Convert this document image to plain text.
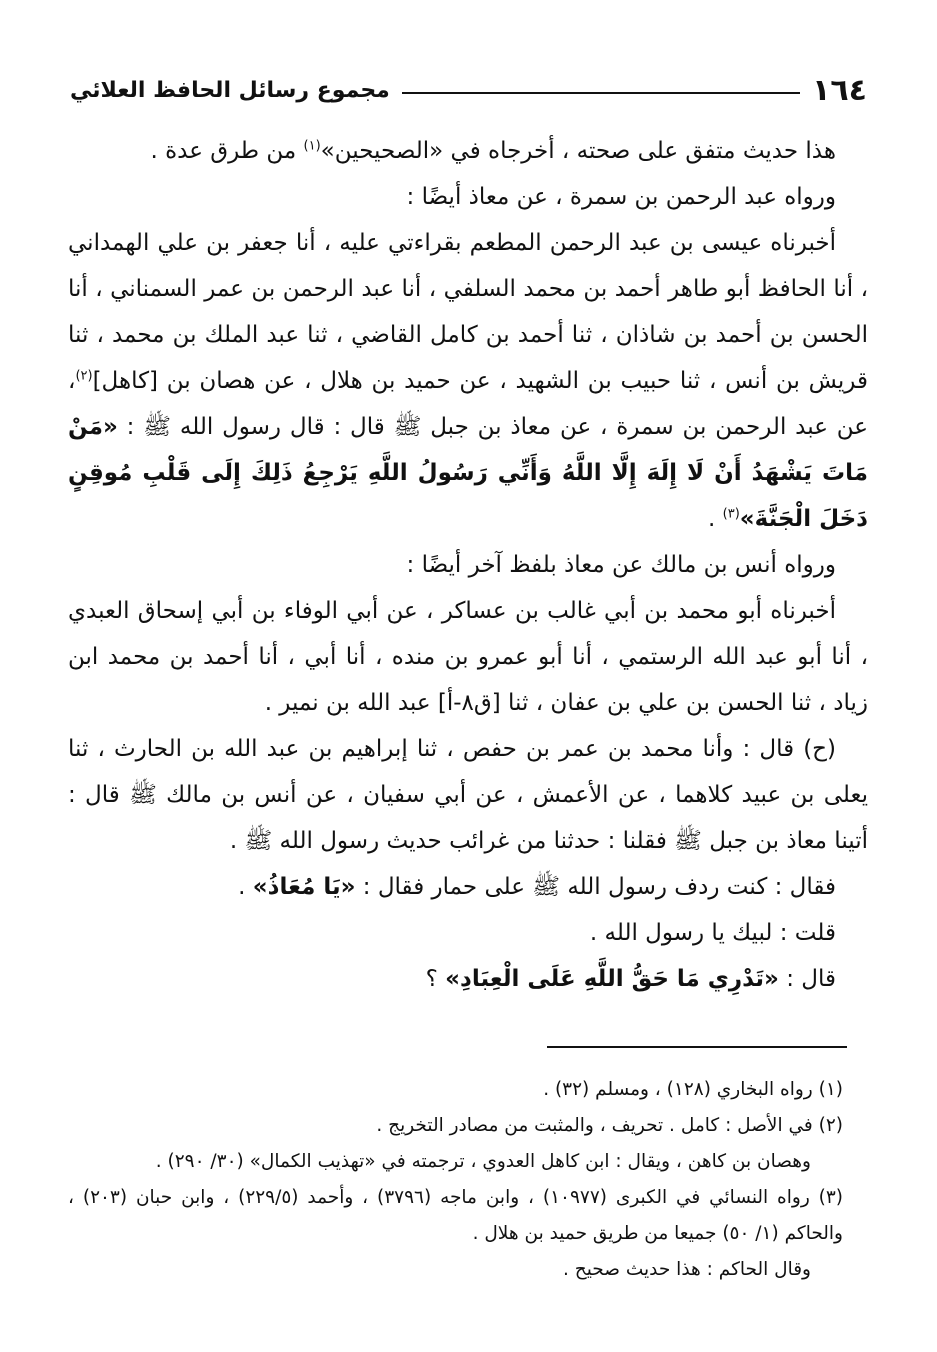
١٦٤
مجموع رسائل الحافظ العلائي

هذا حديث متفق على صحته ، أخرجاه في «الصحيحين»$^{(١)}$ من طرق عدة .

ورواه عبد الرحمن بن سمرة ، عن معاذ أيضًا :

أخبرناه عيسى بن عبد الرحمن المطعم بقراءتي عليه ، أنا جعفر بن علي الهمداني ، أنا الحافظ أبو طاهر أحمد بن محمد السلفي ، أنا عبد الرحمن بن عمر السمناني ، أنا الحسن بن أحمد بن شاذان ، ثنا أحمد بن كامل القاضي ، ثنا عبد الملك بن محمد ، ثنا قريش بن أنس ، ثنا حبيب بن الشهيد ، عن حميد بن هلال ، عن هصان بن [كاهل]$^{(٢)}$، عن عبد الرحمن بن سمرة ، عن معاذ بن جبل ﷺ قال : قال رسول الله ﷺ : «مَنْ مَاتَ يَشْهَدُ أَنْ لَا إِلَهَ إِلَّا اللَّهُ وَأَنِّي رَسُولُ اللَّهِ يَرْجِعُ ذَلِكَ إِلَى قَلْبِ مُوقِنٍ دَخَلَ الْجَنَّةَ»$^{(٣)}$ .

ورواه أنس بن مالك عن معاذ بلفظ آخر أيضًا :

أخبرناه أبو محمد بن أبي غالب بن عساكر ، عن أبي الوفاء بن أبي إسحاق العبدي ، أنا أبو عبد الله الرستمي ، أنا أبو عمرو بن منده ، أنا أبي ، أنا أحمد بن محمد ابن زياد ، ثنا الحسن بن علي بن عفان ، ثنا [ق٨-أ] عبد الله بن نمير .

(ح) قال : وأنا محمد بن عمر بن حفص ، ثنا إبراهيم بن عبد الله بن الحارث ، ثنا يعلى بن عبيد كلاهما ، عن الأعمش ، عن أبي سفيان ، عن أنس بن مالك ﷺ قال : أتينا معاذ بن جبل ﷺ فقلنا : حدثنا من غرائب حديث رسول الله ﷺ .

فقال : كنت ردف رسول الله ﷺ على حمار فقال : «يَا مُعَاذُ» .

قلت : لبيك يا رسول الله .

قال : «تَدْرِي مَا حَقُّ اللَّهِ عَلَى الْعِبَادِ» ؟

(١) رواه البخاري (١٢٨) ، ومسلم (٣٢) .

(٢) في الأصل : كامل . تحريف ، والمثبت من مصادر التخريج .

وهصان بن كاهن ، ويقال : ابن كاهل العدوي ، ترجمته في «تهذيب الكمال» (٣٠/ ٢٩٠) .

(٣) رواه النسائي في الكبرى (١٠٩٧٧) ، وابن ماجه (٣٧٩٦) ، وأحمد (٢٢٩/٥) ، وابن حبان (٢٠٣) ، والحاكم (١/ ٥٠) جميعا من طريق حميد بن هلال .

وقال الحاكم : هذا حديث صحيح .
